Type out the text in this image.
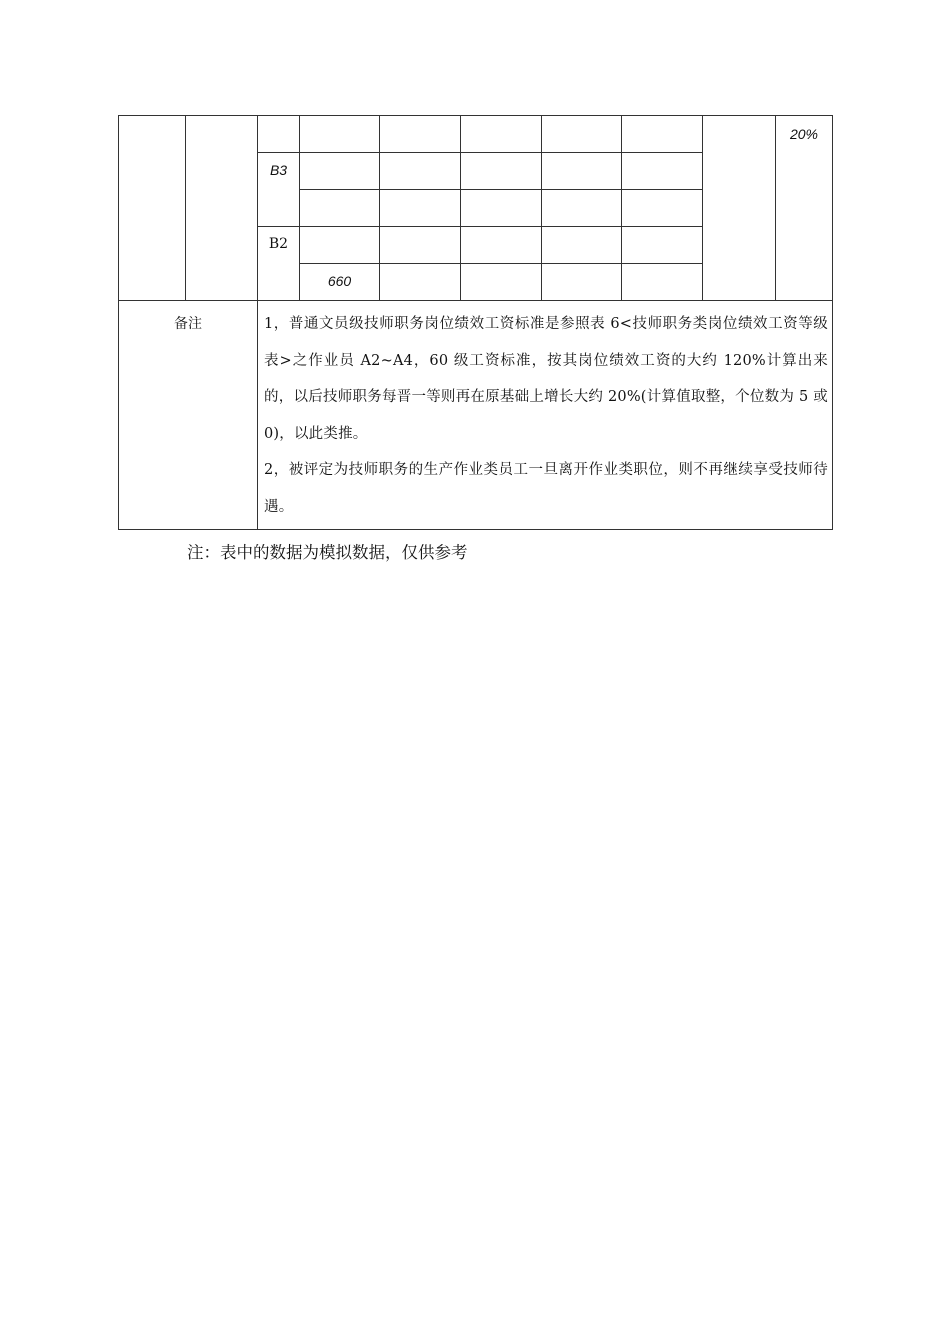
									20%
		B3							

		B2							
			660						
备注		1，普通文员级技师职务岗位绩效工资标准是参照表 6<技师职务类岗位绩效工资等级表>之作业员 A2~A4，60 级工资标准，按其岗位绩效工资的大约 120%计算出来的，以后技师职务每晋一等则再在原基础上增长大约 20%(计算值取整，个位数为 5 或 0)，以此类推。

2，被评定为技师职务的生产作业类员工一旦离开作业类职位，则不再继续享受技师待遇。							

注：表中的数据为模拟数据，仅供参考
